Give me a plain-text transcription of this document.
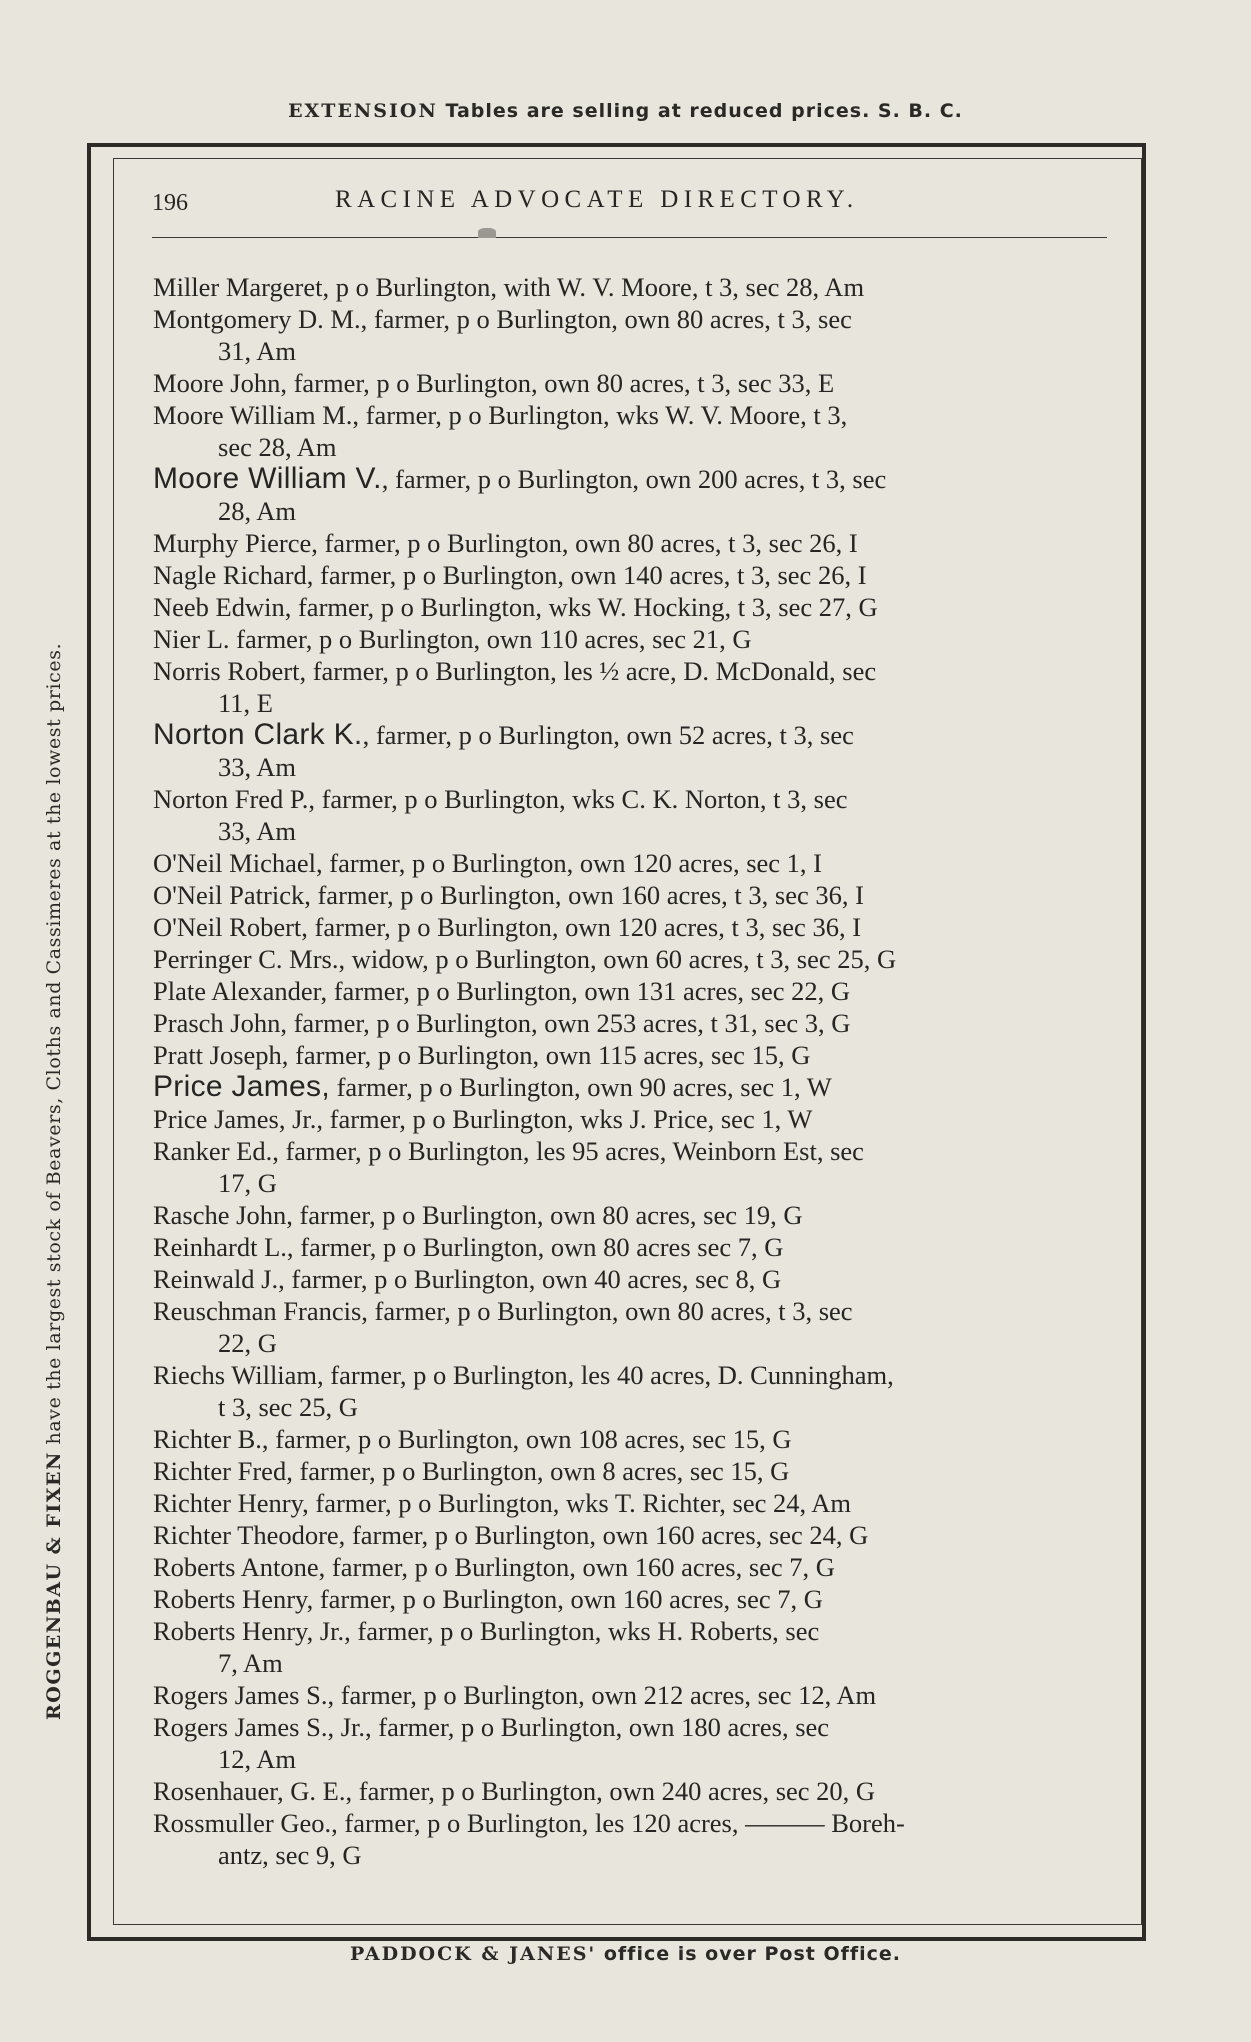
EXTENSION Tables are selling at reduced prices. S. B. C.
ROGGENBAU & FIXEN have the largest stock of Beavers, Cloths and Cassimeres at the lowest prices.
196	RACINE ADVOCATE DIRECTORY.
Miller Margeret, p o Burlington, with W. V. Moore, t 3, sec 28, Am
Montgomery D. M., farmer, p o Burlington, own 80 acres, t 3, sec
31, Am
Moore John, farmer, p o Burlington, own 80 acres, t 3, sec 33, E
Moore William M., farmer, p o Burlington, wks W. V. Moore, t 3,
sec 28, Am
Moore William V., farmer, p o Burlington, own 200 acres, t 3, sec
28, Am
Murphy Pierce, farmer, p o Burlington, own 80 acres, t 3, sec 26, I
Nagle Richard, farmer, p o Burlington, own 140 acres, t 3, sec 26, I
Neeb Edwin, farmer, p o Burlington, wks W. Hocking, t 3, sec 27, G
Nier L. farmer, p o Burlington, own 110 acres, sec 21, G
Norris Robert, farmer, p o Burlington, les ½ acre, D. McDonald, sec
11, E
Norton Clark K., farmer, p o Burlington, own 52 acres, t 3, sec
33, Am
Norton Fred P., farmer, p o Burlington, wks C. K. Norton, t 3, sec
33, Am
O'Neil Michael, farmer, p o Burlington, own 120 acres, sec 1, I
O'Neil Patrick, farmer, p o Burlington, own 160 acres, t 3, sec 36, I
O'Neil Robert, farmer, p o Burlington, own 120 acres, t 3, sec 36, I
Perringer C. Mrs., widow, p o Burlington, own 60 acres, t 3, sec 25, G
Plate Alexander, farmer, p o Burlington, own 131 acres, sec 22, G
Prasch John, farmer, p o Burlington, own 253 acres, t 31, sec 3, G
Pratt Joseph, farmer, p o Burlington, own 115 acres, sec 15, G
Price James, farmer, p o Burlington, own 90 acres, sec 1, W
Price James, Jr., farmer, p o Burlington, wks J. Price, sec 1, W
Ranker Ed., farmer, p o Burlington, les 95 acres, Weinborn Est, sec
17, G
Rasche John, farmer, p o Burlington, own 80 acres, sec 19, G
Reinhardt L., farmer, p o Burlington, own 80 acres sec 7, G
Reinwald J., farmer, p o Burlington, own 40 acres, sec 8, G
Reuschman Francis, farmer, p o Burlington, own 80 acres, t 3, sec
22, G
Riechs William, farmer, p o Burlington, les 40 acres, D. Cunningham,
t 3, sec 25, G
Richter B., farmer, p o Burlington, own 108 acres, sec 15, G
Richter Fred, farmer, p o Burlington, own 8 acres, sec 15, G
Richter Henry, farmer, p o Burlington, wks T. Richter, sec 24, Am
Richter Theodore, farmer, p o Burlington, own 160 acres, sec 24, G
Roberts Antone, farmer, p o Burlington, own 160 acres, sec 7, G
Roberts Henry, farmer, p o Burlington, own 160 acres, sec 7, G
Roberts Henry, Jr., farmer, p o Burlington, wks H. Roberts, sec
7, Am
Rogers James S., farmer, p o Burlington, own 212 acres, sec 12, Am
Rogers James S., Jr., farmer, p o Burlington, own 180 acres, sec
12, Am
Rosenhauer, G. E., farmer, p o Burlington, own 240 acres, sec 20, G
Rossmuller Geo., farmer, p o Burlington, les 120 acres, ——— Boreh-
antz, sec 9, G
PADDOCK & JANES' office is over Post Office.
